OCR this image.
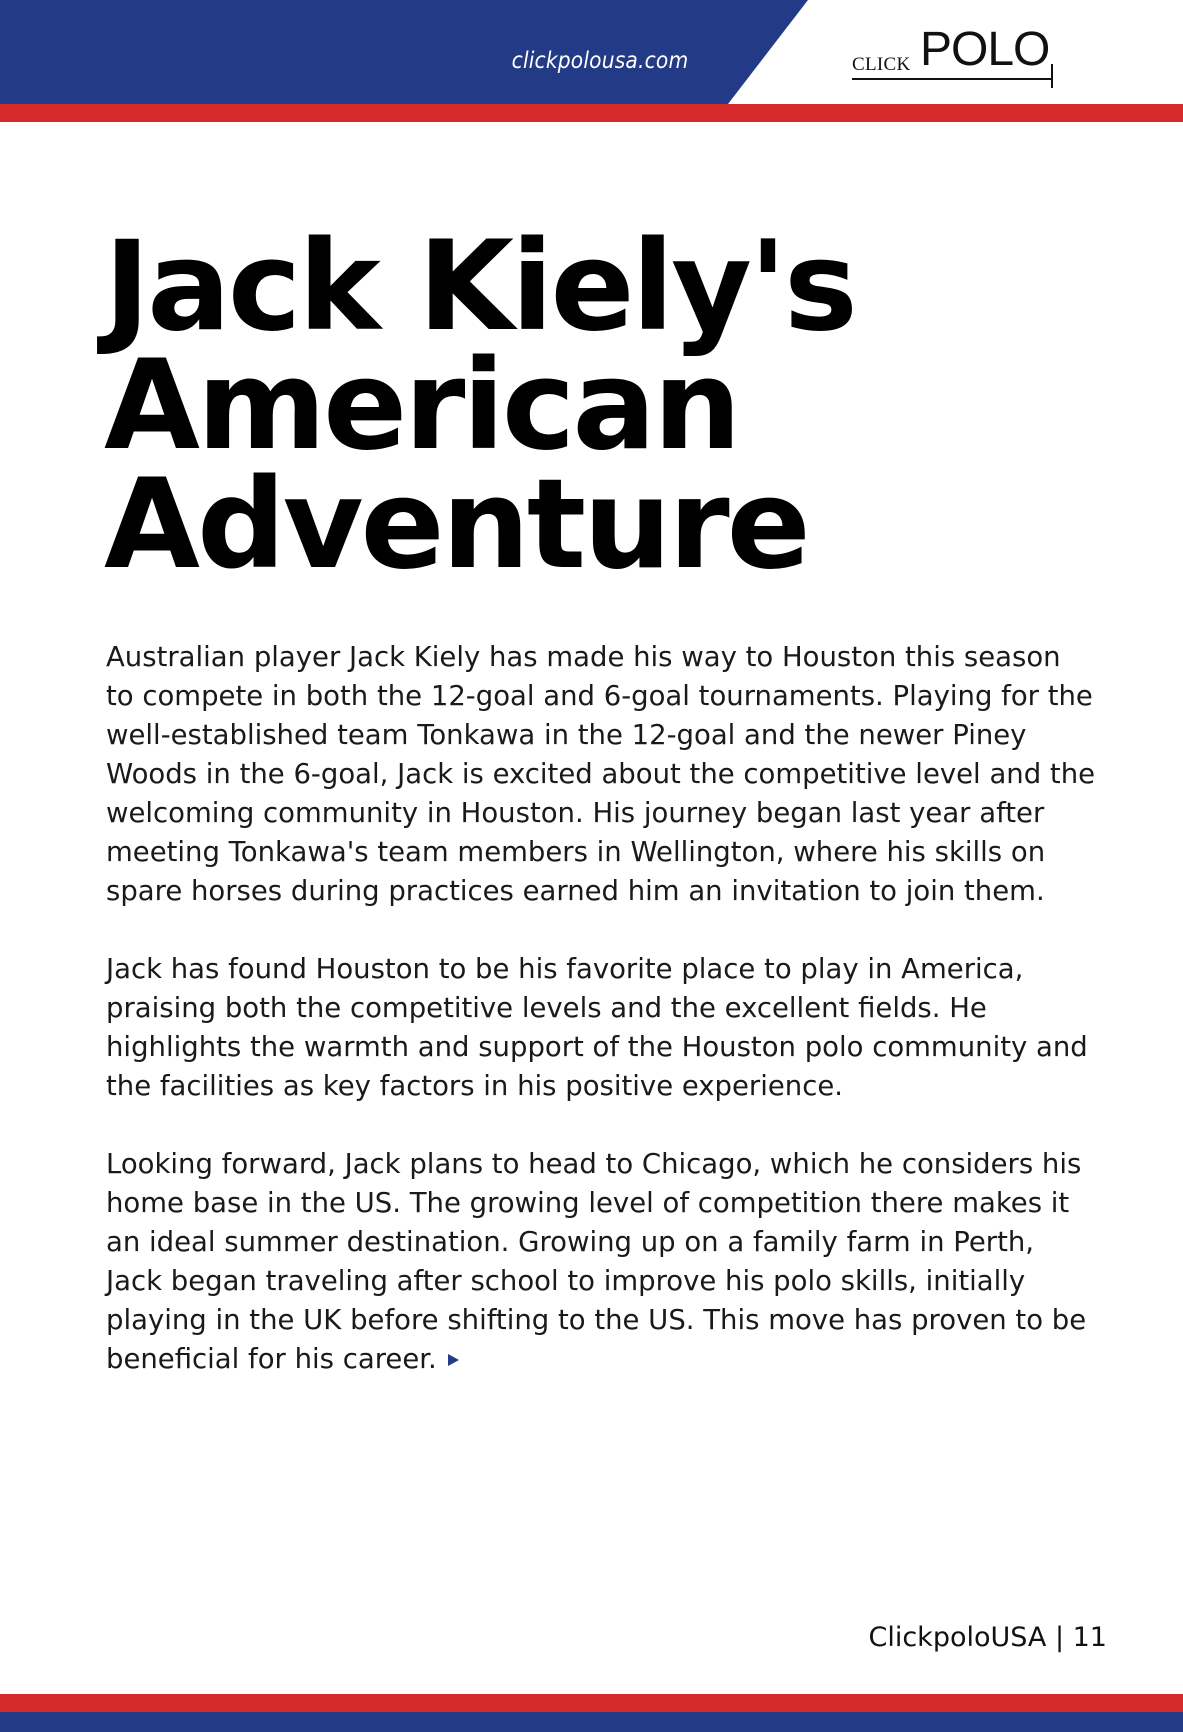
clickpolousa.com	CLICK POLO
Jack Kiely's
American
Adventure

Australian player Jack Kiely has made his way to Houston this season to compete in both the 12-goal and 6-goal tournaments. Playing for the well-established team Tonkawa in the 12-goal and the newer Piney Woods in the 6-goal, Jack is excited about the competitive level and the welcoming community in Houston. His journey began last year after meeting Tonkawa's team members in Wellington, where his skills on spare horses during practices earned him an invitation to join them.

Jack has found Houston to be his favorite place to play in America, praising both the competitive levels and the excellent fields. He highlights the warmth and support of the Houston polo community and the facilities as key factors in his positive experience.

Looking forward, Jack plans to head to Chicago, which he considers his home base in the US. The growing level of competition there makes it an ideal summer destination. Growing up on a family farm in Perth, Jack began traveling after school to improve his polo skills, initially playing in the UK before shifting to the US. This move has proven to be beneficial for his career.

ClickpoloUSA | 11
